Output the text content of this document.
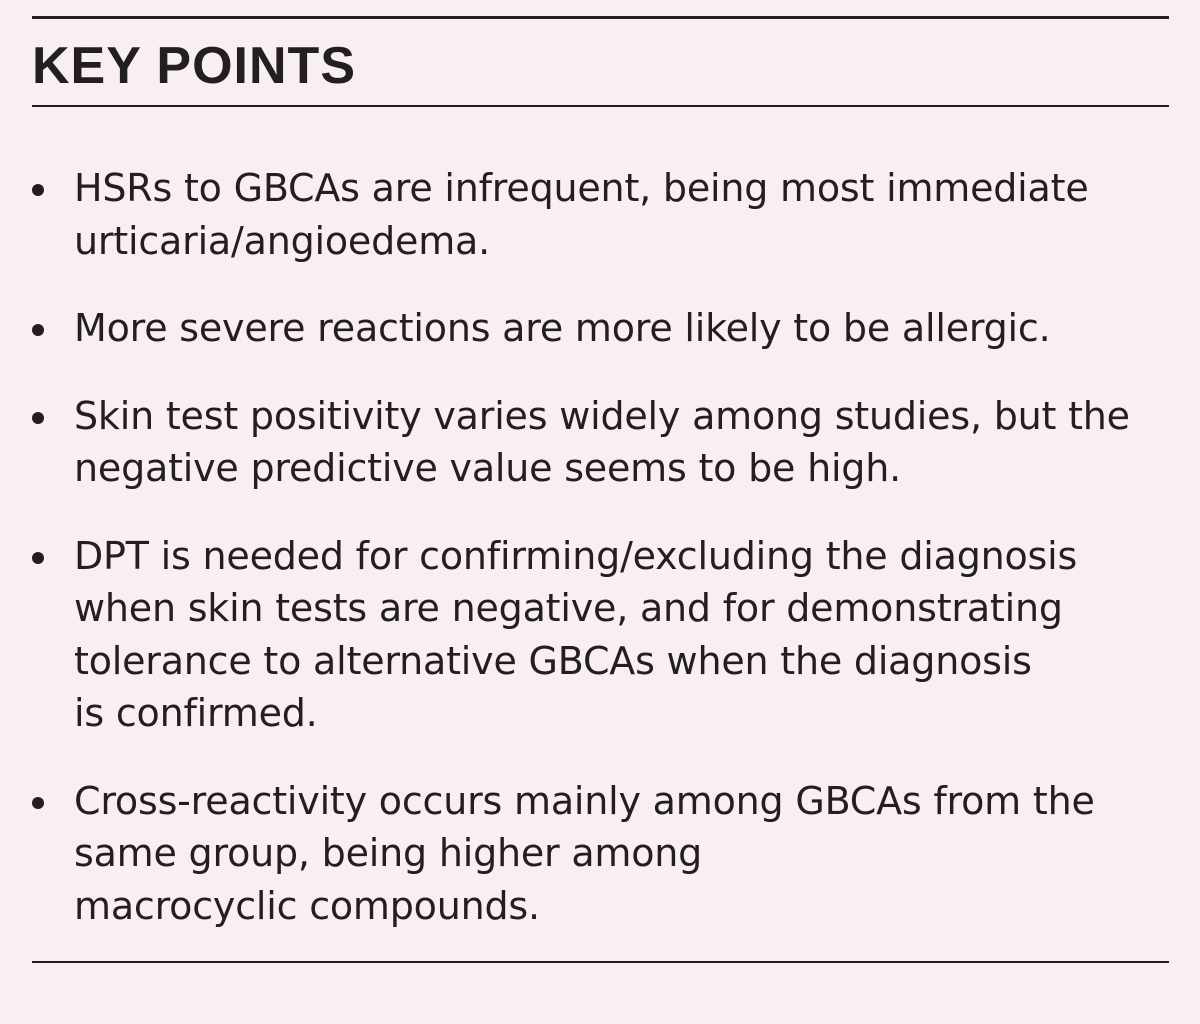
KEY POINTS
HSRs to GBCAs are infrequent, being most immediate
urticaria/angioedema.
More severe reactions are more likely to be allergic.
Skin test positivity varies widely among studies, but the
negative predictive value seems to be high.
DPT is needed for confirming/excluding the diagnosis
when skin tests are negative, and for demonstrating
tolerance to alternative GBCAs when the diagnosis
is confirmed.
Cross-reactivity occurs mainly among GBCAs from the
same group, being higher among
macrocyclic compounds.
